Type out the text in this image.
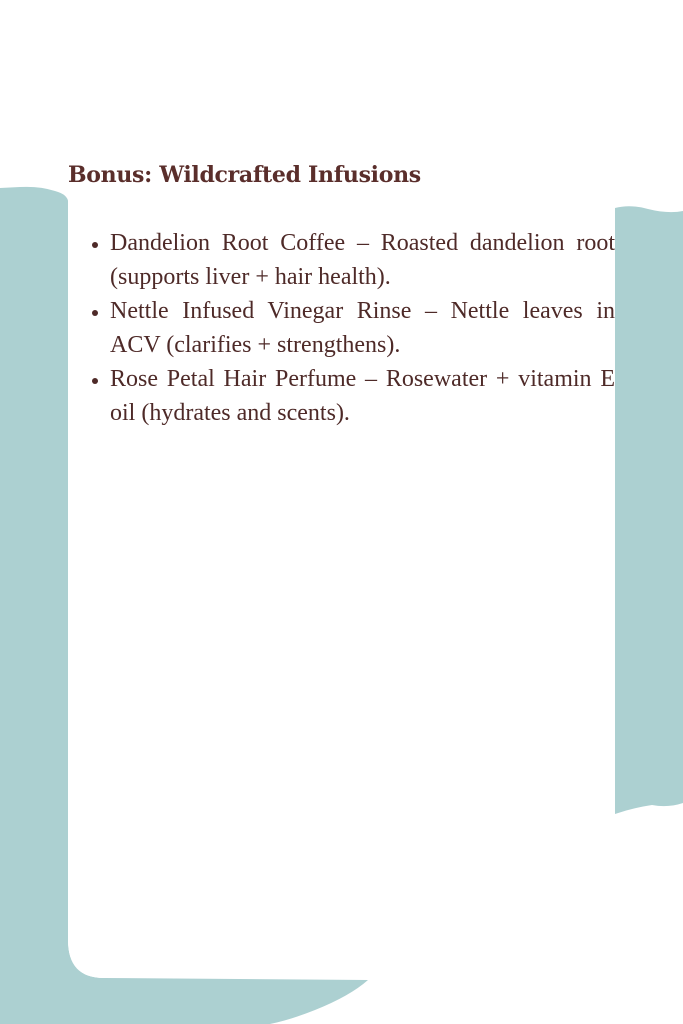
Bonus: Wildcrafted Infusions
• Dandelion Root Coffee – Roasted dandelion root (supports liver + hair health).
• Nettle Infused Vinegar Rinse – Nettle leaves in ACV (clarifies + strengthens).
• Rose Petal Hair Perfume – Rosewater + vitamin E oil (hydrates and scents).
